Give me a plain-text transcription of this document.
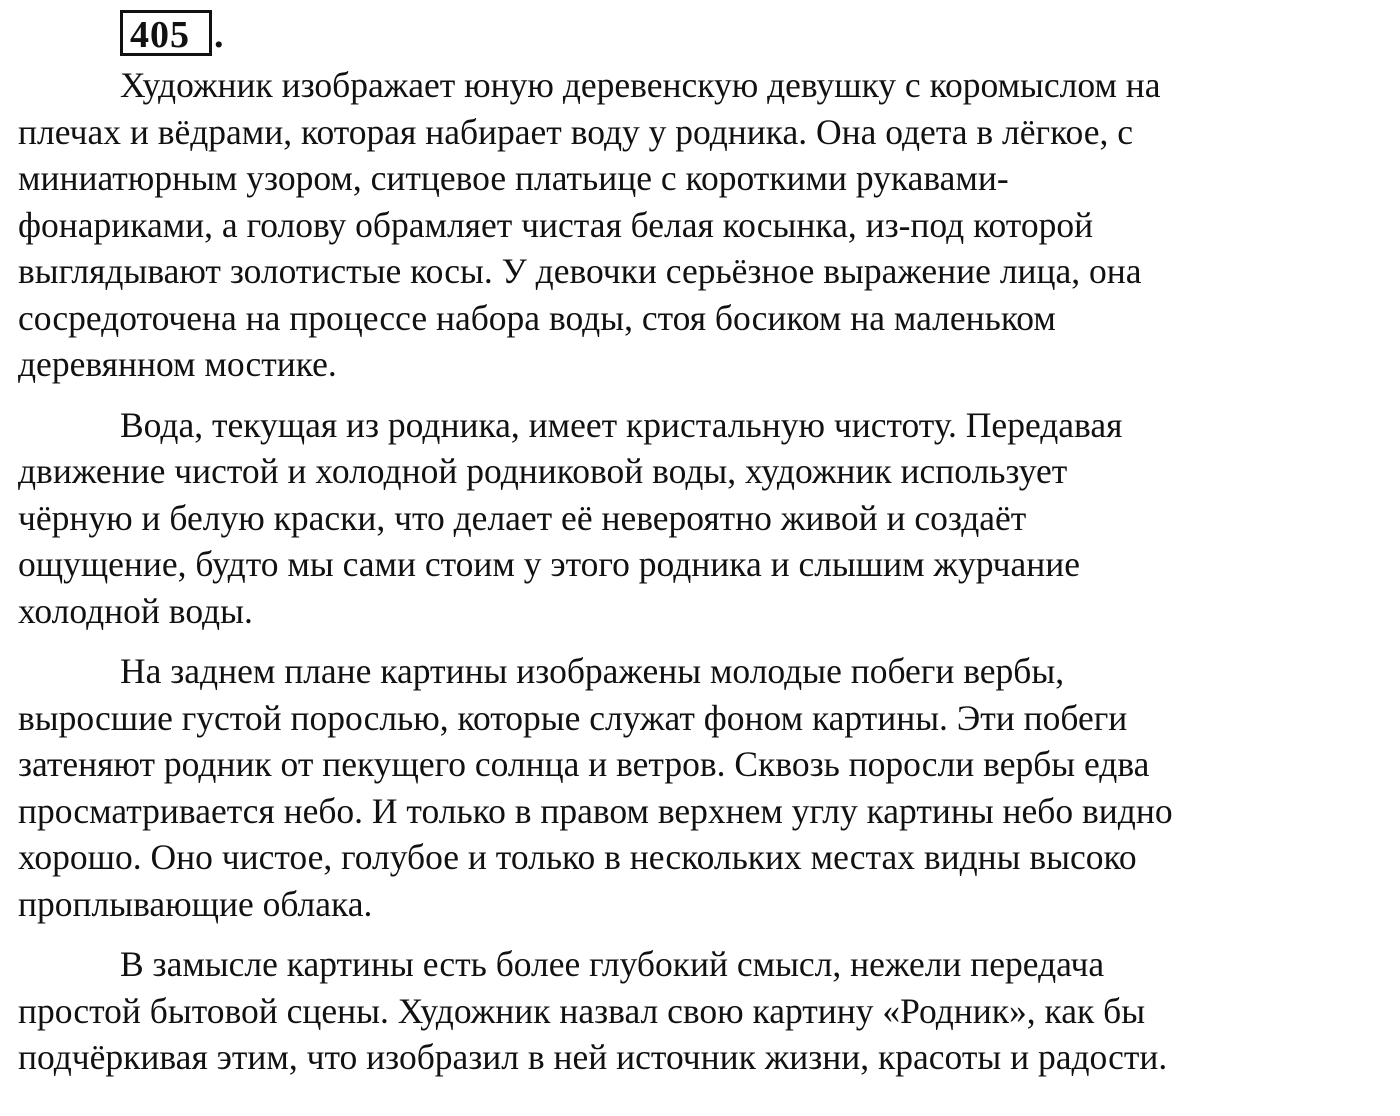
405 .
Художник изображает юную деревенскую девушку с коромыслом на
плечах и вёдрами, которая набирает воду у родника. Она одета в лёгкое, с
миниатюрным узором, ситцевое платьице с короткими рукавами-
фонариками, а голову обрамляет чистая белая косынка, из-под которой
выглядывают золотистые косы. У девочки серьёзное выражение лица, она
сосредоточена на процессе набора воды, стоя босиком на маленьком
деревянном мостике.
Вода, текущая из родника, имеет кристальную чистоту. Передавая
движение чистой и холодной родниковой воды, художник использует
чёрную и белую краски, что делает её невероятно живой и создаёт
ощущение, будто мы сами стоим у этого родника и слышим журчание
холодной воды.
На заднем плане картины изображены молодые побеги вербы,
выросшие густой порослью, которые служат фоном картины. Эти побеги
затеняют родник от пекущего солнца и ветров. Сквозь поросли вербы едва
просматривается небо. И только в правом верхнем углу картины небо видно
хорошо. Оно чистое, голубое и только в нескольких местах видны высоко
проплывающие облака.
В замысле картины есть более глубокий смысл, нежели передача
простой бытовой сцены. Художник назвал свою картину «Родник», как бы
подчёркивая этим, что изобразил в ней источник жизни, красоты и радости.
